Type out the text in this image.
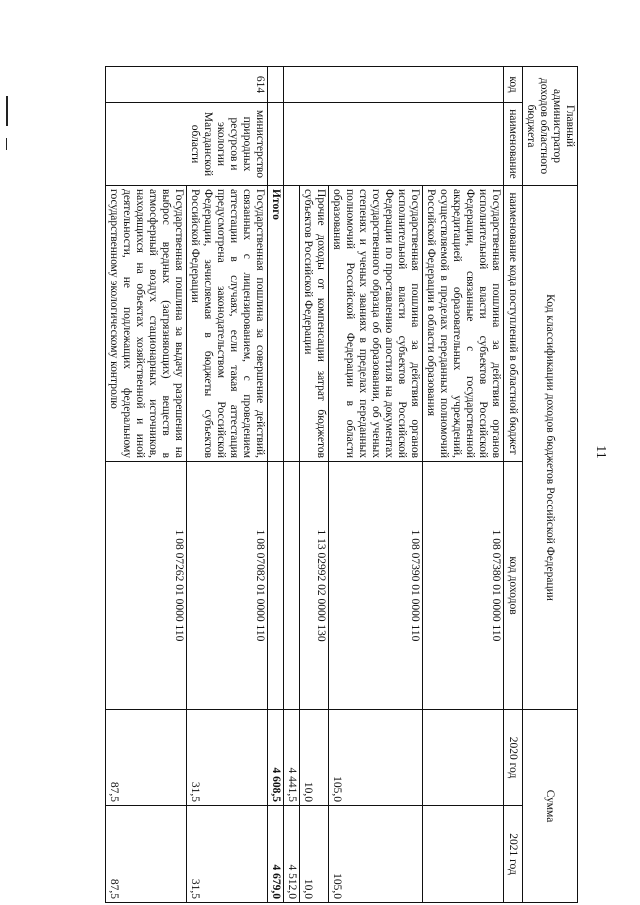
11
Главный администратор доходов областного бюджета		Код классификации доходов бюджетов Российской Федерации		Сумма	
код	наименование	наименование кода поступлений в областной бюджет	код доходов	2020 год	2021 год
		Государственная пошлина за действия органов исполнительной власти субъектов Российской Федерации, связанные с государственной аккредитацией образовательных учреждений, осуществляемой в пределах переданных полномочий Российской Федерации в области образования	1 08 07380 01 0000 110		
		Государственная пошлина за действия органов исполнительной власти субъектов Российской Федерации по проставлению апостиля на документах государственного образца об образовании, об ученых степенях и ученых званиях в пределах переданных полномочий Российской Федерации в области образования	1 08 07390 01 0000 110	105,0	105,0
		Прочие доходы от компенсации затрат бюджетов субъектов Российской Федерации	1 13 02992 02 0000 130	10,0	10,0
				4 441,5	4 512,0
		Итого		4 608,5	4 679,0
614	министерство природных ресурсов и экологии Магаданской области	Государственная пошлина за совершение действий, связанных с лицензированием, с проведением аттестации в случаях, если такая аттестация предусмотрена законодательством Российской Федерации, зачисляемая в бюджеты субъектов Российской Федерации	1 08 07082 01 0000 110	31,5	31,5
		Государственная пошлина за выдачу разрешения на выброс вредных (загрязняющих) веществ в атмосферный воздух стационарных источников, находящихся на объектах хозяйственной и иной деятельности, не подлежащих федеральному государственному экологическому контролю	1 08 07262 01 0000 110	87,5	87,5
